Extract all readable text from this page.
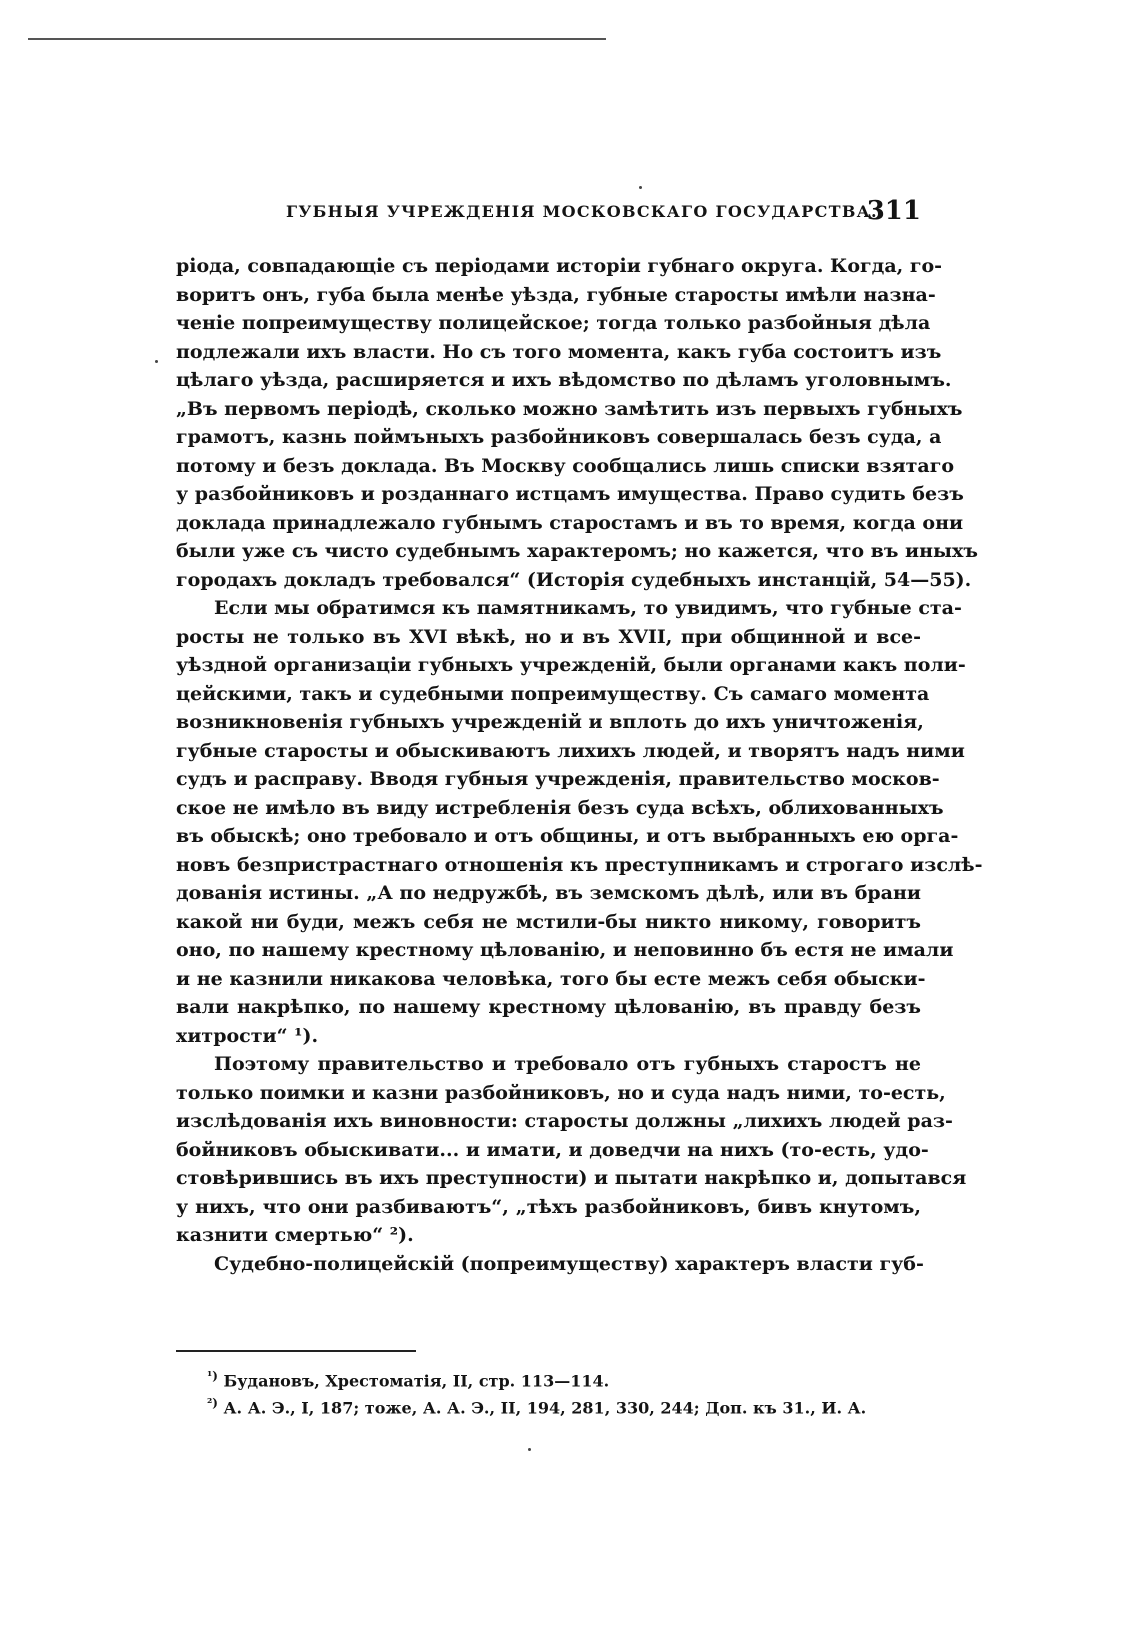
ГУБНЫЯ УЧРЕЖДЕНІЯ МОСКОВСКАГО ГОСУДАРСТВА.
311
ріода, совпадающіе съ періодами исторіи губнаго округа. Когда, го-
воритъ онъ, губа была менѣе уѣзда, губные старосты имѣли назна-
ченіе попреимуществу полицейское; тогда только разбойныя дѣла
подлежали ихъ власти. Но съ того момента, какъ губа состоитъ изъ
цѣлаго уѣзда, расширяется и ихъ вѣдомство по дѣламъ уголовнымъ.
„Въ первомъ періодѣ, сколько можно замѣтить изъ первыхъ губныхъ
грамотъ, казнь поймъныхъ разбойниковъ совершалась безъ суда, а
потому и безъ доклада. Въ Москву сообщались лишь списки взятаго
у разбойниковъ и розданнаго истцамъ имущества. Право судить безъ
доклада принадлежало губнымъ старостамъ и въ то время, когда они
были уже съ чисто судебнымъ характеромъ; но кажется, что въ иныхъ
городахъ докладъ требовался“ (Исторія судебныхъ инстанцій, 54—55).
Если мы обратимся къ памятникамъ, то увидимъ, что губные ста-
росты не только въ XVI вѣкѣ, но и въ XVII, при общинной и все-
уѣздной организаціи губныхъ учрежденій, были органами какъ поли-
цейскими, такъ и судебными попреимуществу. Съ самаго момента
возникновенія губныхъ учрежденій и вплоть до ихъ уничтоженія,
губные старосты и обыскиваютъ лихихъ людей, и творятъ надъ ними
судъ и расправу. Вводя губныя учрежденія, правительство москов-
ское не имѣло въ виду истребленія безъ суда всѣхъ, облихованныхъ
въ обыскѣ; оно требовало и отъ общины, и отъ выбранныхъ ею орга-
новъ безпристрастнаго отношенія къ преступникамъ и строгаго изслѣ-
дованія истины. „А по недружбѣ, въ земскомъ дѣлѣ, или въ брани
какой ни буди, межъ себя не мстили-бы никто никому, говоритъ
оно, по нашему крестному цѣлованію, и неповинно бъ естя не имали
и не казнили никакова человѣка, того бы есте межъ себя обыски-
вали накрѣпко, по нашему крестному цѣлованію, въ правду безъ
хитрости“ ¹).
Поэтому правительство и требовало отъ губныхъ старостъ не
только поимки и казни разбойниковъ, но и суда надъ ними, то-есть,
изслѣдованія ихъ виновности: старосты должны „лихихъ людей раз-
бойниковъ обыскивати... и имати, и доведчи на нихъ (то-есть, удо-
стовѣрившись въ ихъ преступности) и пытати накрѣпко и, допытався
у нихъ, что они разбиваютъ“, „тѣхъ разбойниковъ, бивъ кнутомъ,
казнити смертью“ ²).
Судебно-полицейскій (попреимуществу) характеръ власти губ-
$^{^1)}$ Будановъ, Хрестоматія, II, стр. 113—114.
$^{^2)}$ А. А. Э., I, 187; тоже, А. А. Э., II, 194, 281, 330, 244; Доп. къ 31., И. А.
